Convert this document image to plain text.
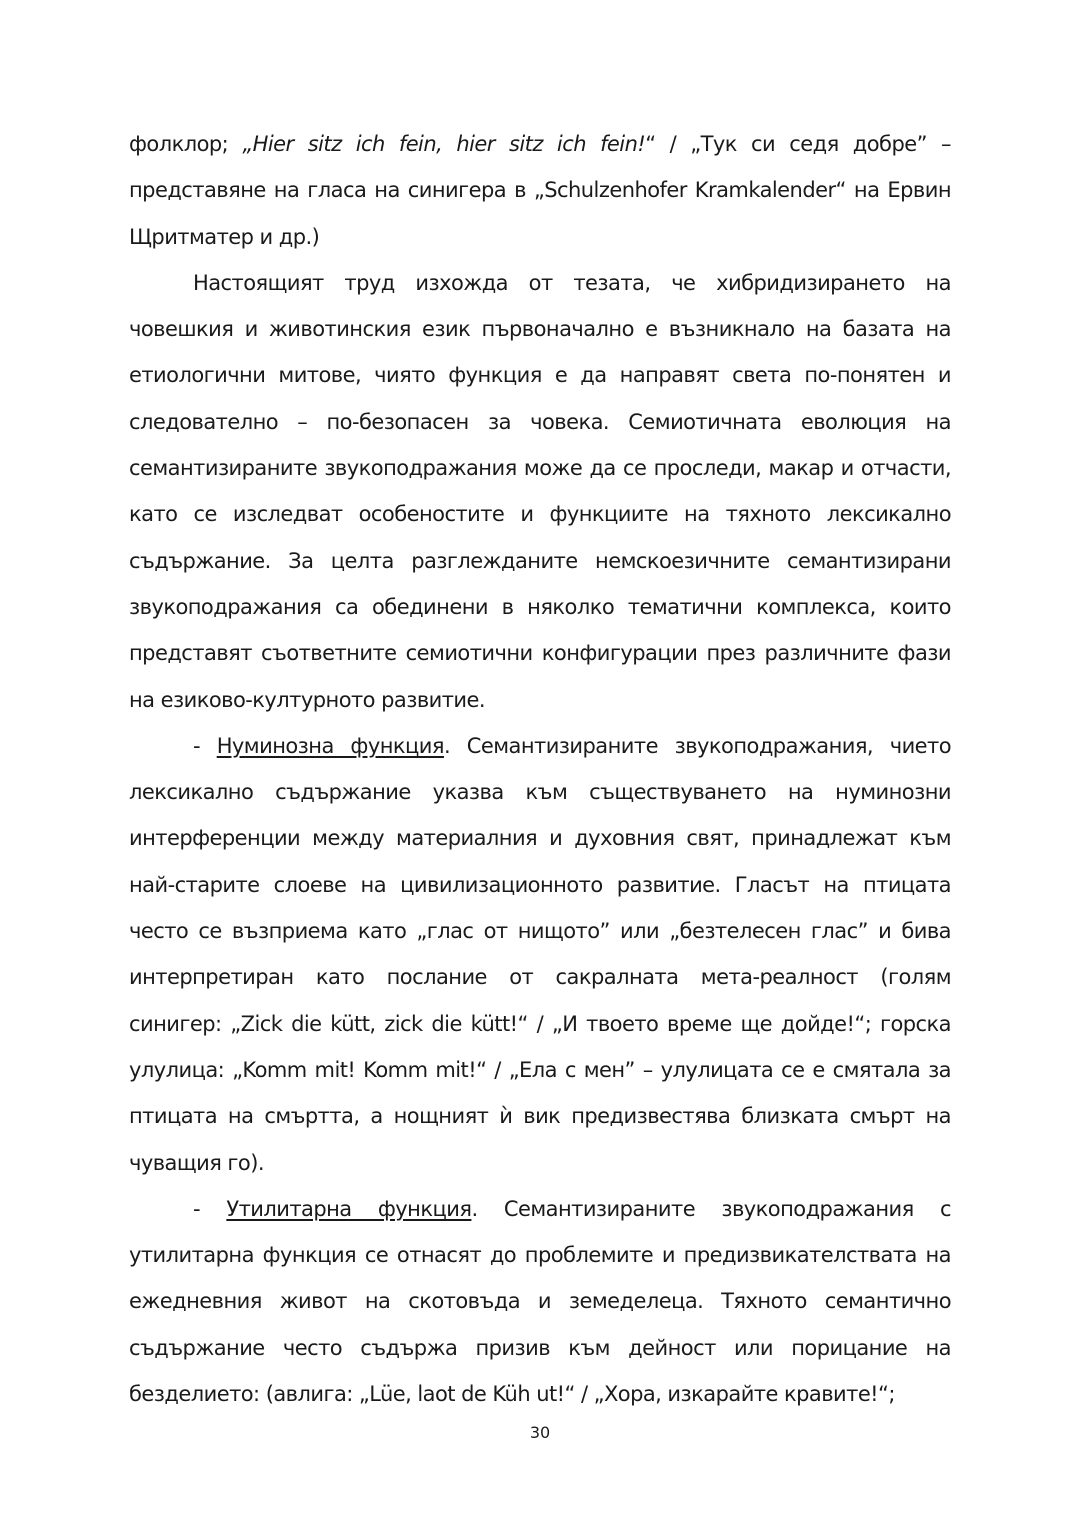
фолклор; „Hier sitz ich fein, hier sitz ich fein!“ / „Тук си седя добре” – представяне на гласа на синигера в „Schulzenhofer Kramkalender“ на Ервин Щритматер и др.)

Настоящият труд изхожда от тезата, че хибридизирането на човешкия и животинския език първоначално е възникнало на базата на етиологични митове, чиято функция е да направят света по-понятен и следователно – по-безопасен за човека. Семиотичната еволюция на семантизираните звукоподражания може да се проследи, макар и отчасти, като се изследват особеностите и функциите на тяхното лексикално съдържание. За целта разглежданите немскоезичните семантизирани звукоподражания са обединени в няколко тематични комплекса, които представят съответните семиотични конфигурации през различните фази на езиково-културното развитие.

- Нуминозна функция. Семантизираните звукоподражания, чието лексикално съдържание указва към съществуването на нуминозни интерференции между материалния и духовния свят, принадлежат към най-старите слоеве на цивилизационното развитие. Гласът на птицата често се възприема като „глас от нищото” или „безтелесен глас” и бива интерпретиран като послание от сакралната мета-реалност (голям синигер: „Zick die kütt, zick die kütt!“ / „И твоето време ще дойде!“; горска улулица: „Komm mit! Komm mit!“ / „Ела с мен” – улулицата се е смятала за птицата на смъртта, а нощният ѝ вик предизвестява близката смърт на чуващия го).

- Утилитарна функция. Семантизираните звукоподражания с утилитарна функция се отнасят до проблемите и предизвикателствата на ежедневния живот на скотовъда и земеделеца. Тяхното семантично съдържание често съдържа призив към дейност или порицание на безделието: (авлига: „Lüe, laot de Küh ut!“ / „Хора, изкарайте кравите!“;

30
